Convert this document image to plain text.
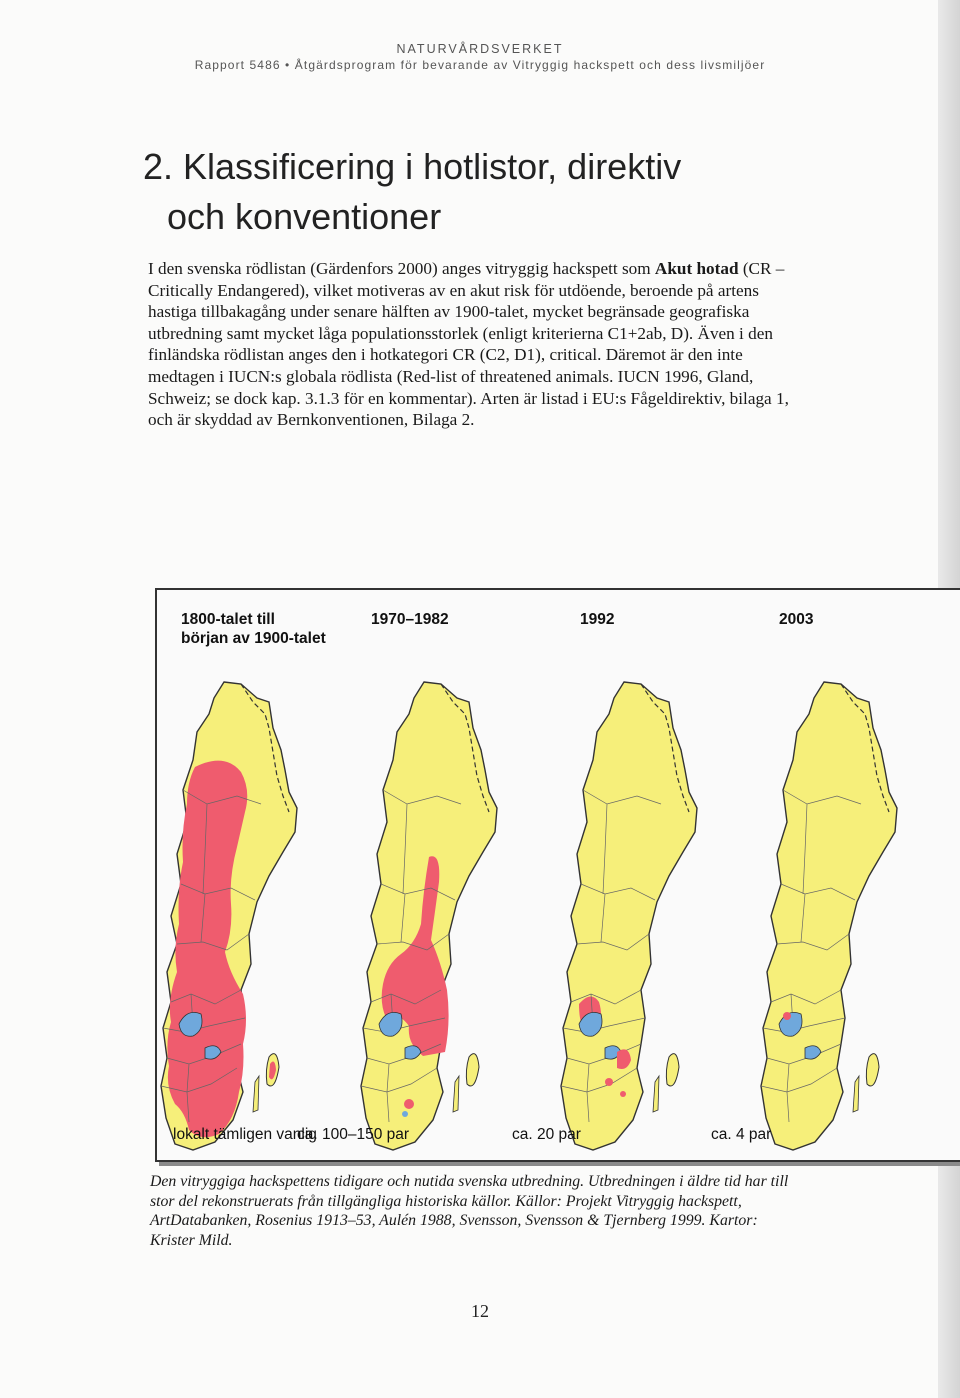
NATURVÅRDSVERKET
Rapport 5486 • Åtgärdsprogram för bevarande av Vitryggig hackspett och dess livsmiljöer
2. Klassificering i hotlistor, direktiv
och konventioner

I den svenska rödlistan (Gärdenfors 2000) anges vitryggig hackspett som Akut hotad (CR – Critically Endangered), vilket motiveras av en akut risk för utdöende, beroende på artens hastiga tillbakagång under senare hälften av 1900-talet, mycket begränsade geografiska utbredning samt mycket låga populationsstorlek (enligt kriterierna C1+2ab, D). Även i den finländska rödlistan anges den i hotkategori CR (C2, D1), critical. Däremot är den inte medtagen i IUCN:s globala rödlista (Red-list of threatened animals. IUCN 1996, Gland, Schweiz; se dock kap. 3.1.3 för en kommentar). Arten är listad i EU:s Fågeldirektiv, bilaga 1, och är skyddad av Bernkonventionen, Bilaga 2.

1800-talet till
början av 1900-talet
1970–1982	1992	2003
lokalt tämligen vanlig
ca. 100–150 par	ca. 20 par	ca. 4 par

Den vitryggiga hackspettens tidigare och nutida svenska utbredning. Utbredningen i äldre tid har till stor del rekonstruerats från tillgängliga historiska källor. Källor: Projekt Vitryggig hackspett, ArtDatabanken, Rosenius 1913–53, Aulén 1988, Svensson, Svensson & Tjernberg 1999. Kartor: Krister Mild.

12
